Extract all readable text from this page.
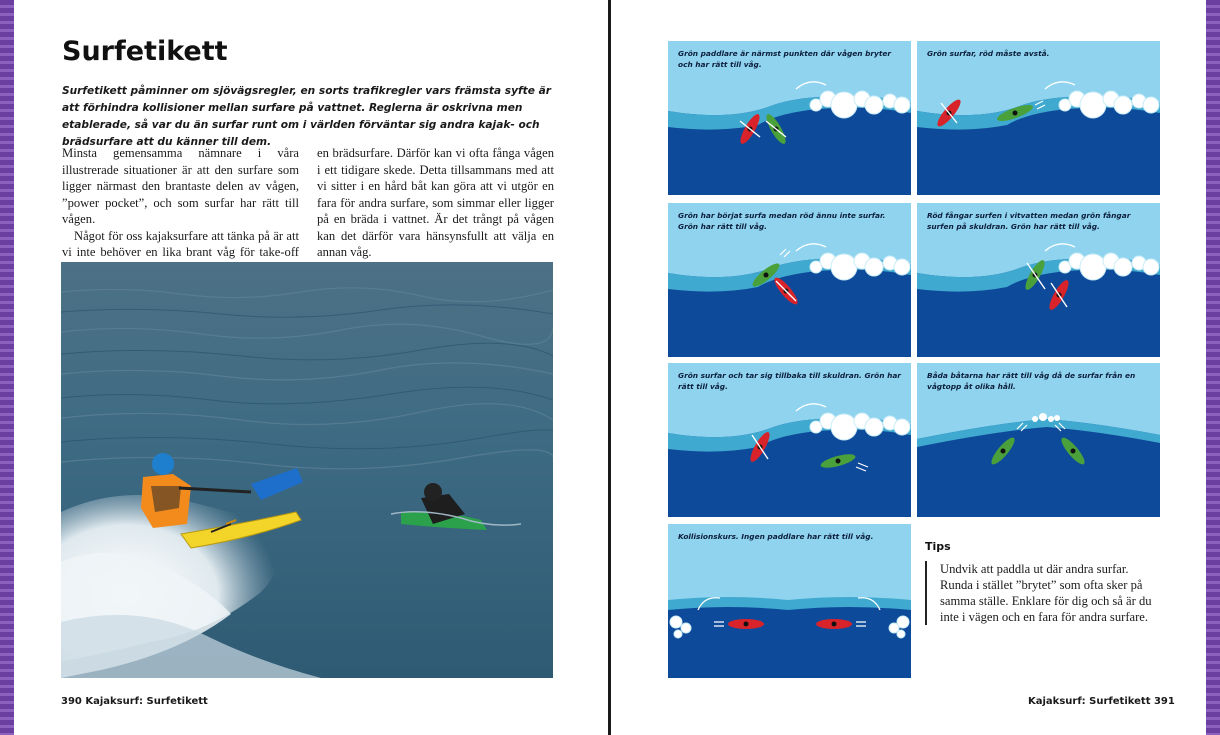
Surfetikett

Surfetikett påminner om sjövägsregler, en sorts trafikregler vars främsta syfte är att förhindra kollisioner mellan surfare på vattnet. Reglerna är oskrivna men etablerade, så var du än surfar runt om i världen förväntar sig andra kajak- och brädsurfare att du känner till dem.

Minsta gemensamma nämnare i våra illustrerade situationer är att den surfare som ligger närmast den brantaste delen av vågen, ”power pocket”, och som surfar har rätt till vågen.

Något för oss kajaksurfare att tänka på är att vi inte behöver en lika brant våg för take-off

en brädsurfare. Därför kan vi ofta fånga vågen i ett tidigare skede. Detta tillsammans med att vi sitter i en hård båt kan göra att vi utgör en fara för andra surfare, som simmar eller ligger på en bräda i vattnet. Är det trångt på vågen kan det därför vara hänsynsfullt att välja en annan våg.

390 Kajaksurf: Surfetikett
Grön paddlare är närmst punkten där vågen bryter och har rätt till våg.
Grön surfar, röd måste avstå.
Grön har börjat surfa medan röd ännu inte surfar. Grön har rätt till våg.
Röd fångar surfen i vitvatten medan grön fångar surfen på skuldran. Grön har rätt till våg.
Grön surfar och tar sig tillbaka till skuldran. Grön har rätt till våg.
Båda båtarna har rätt till våg då de surfar från en vågtopp åt olika håll.
Kollisionskurs. Ingen paddlare har rätt till våg.
Tips
Undvik att paddla ut där andra surfar. Runda i stället ”brytet” som ofta sker på samma ställe. Enklare för dig och så är du inte i vägen och en fara för andra surfare.
Kajaksurf: Surfetikett 391
